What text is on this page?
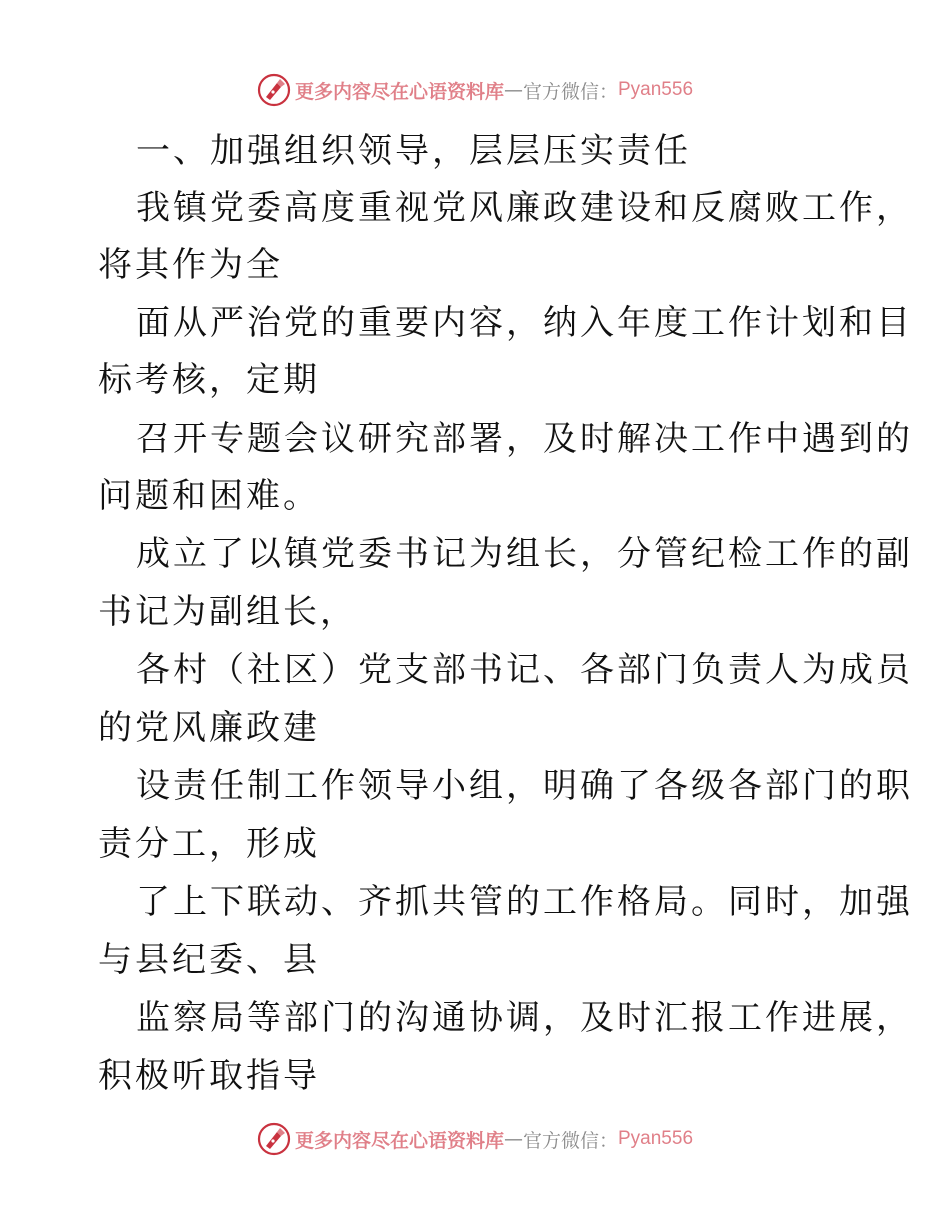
更多内容尽在心语资料库 — 官方微信： Pyan556
一、加强组织领导，层层压实责任
我镇党委高度重视党风廉政建设和反腐败工作，
将其作为全
面从严治党的重要内容，纳入年度工作计划和目
标考核，定期
召开专题会议研究部署，及时解决工作中遇到的
问题和困难。
成立了以镇党委书记为组长，分管纪检工作的副
书记为副组长，
各村（社区）党支部书记、各部门负责人为成员
的党风廉政建
设责任制工作领导小组，明确了各级各部门的职
责分工，形成
了上下联动、齐抓共管的工作格局。同时，加强
与县纪委、县
监察局等部门的沟通协调，及时汇报工作进展，
积极听取指导
更多内容尽在心语资料库 — 官方微信： Pyan556
